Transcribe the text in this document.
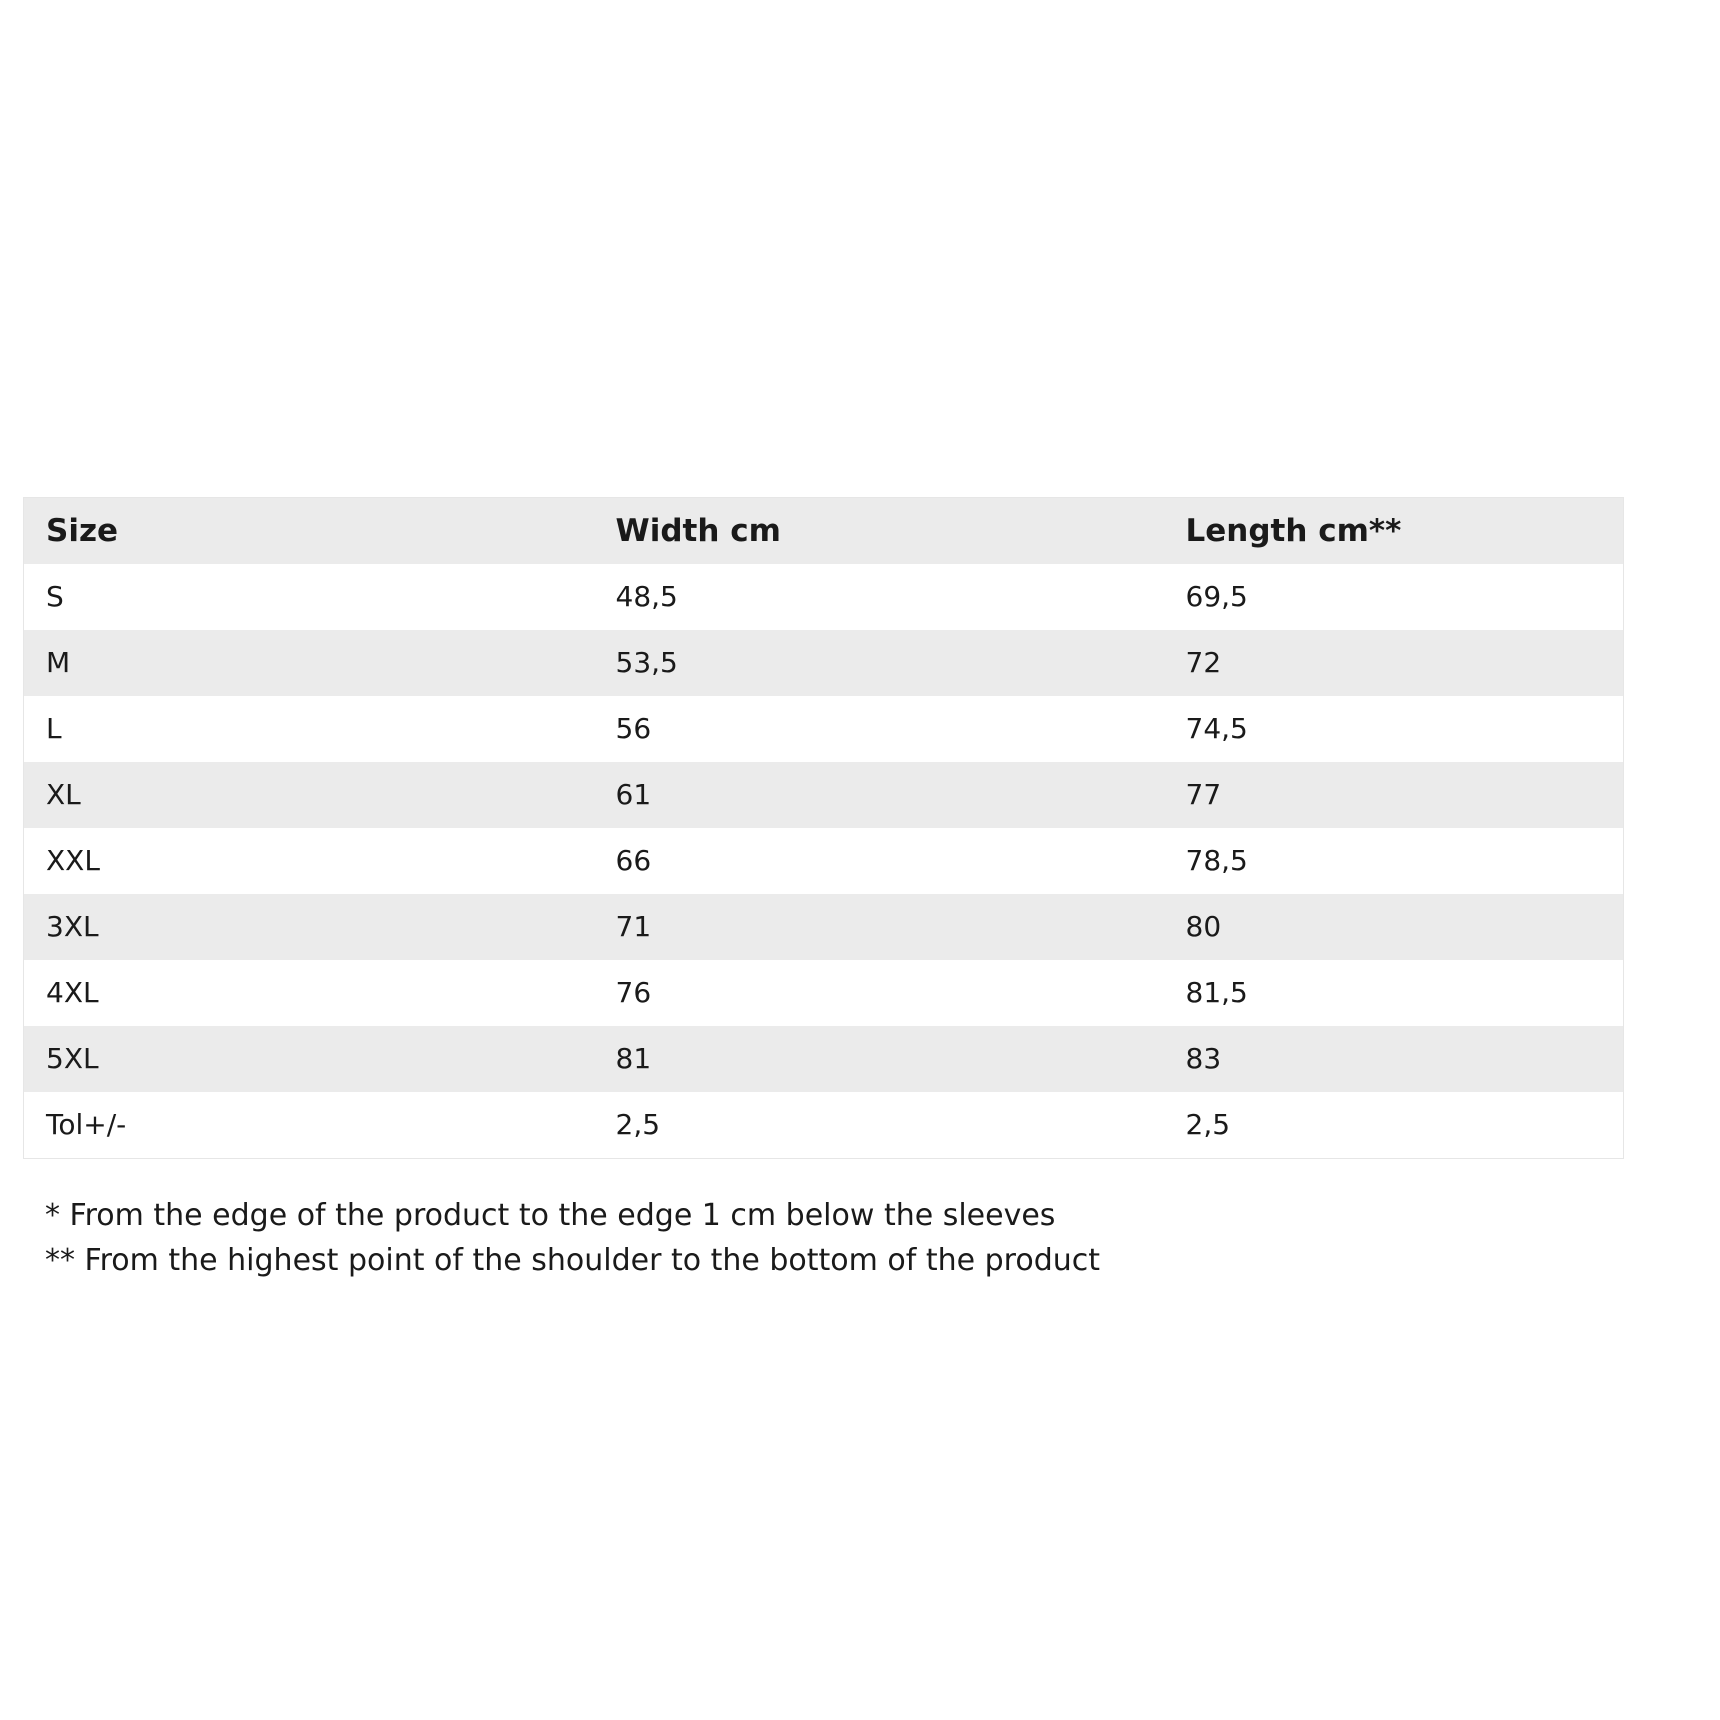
Size	Width cm	Length cm**
S	48,5	69,5
M	53,5	72
L	56	74,5
XL	61	77
XXL	66	78,5
3XL	71	80
4XL	76	81,5
5XL	81	83
Tol+/-	2,5	2,5
* From the edge of the product to the edge 1 cm below the sleeves
** From the highest point of the shoulder to the bottom of the product
